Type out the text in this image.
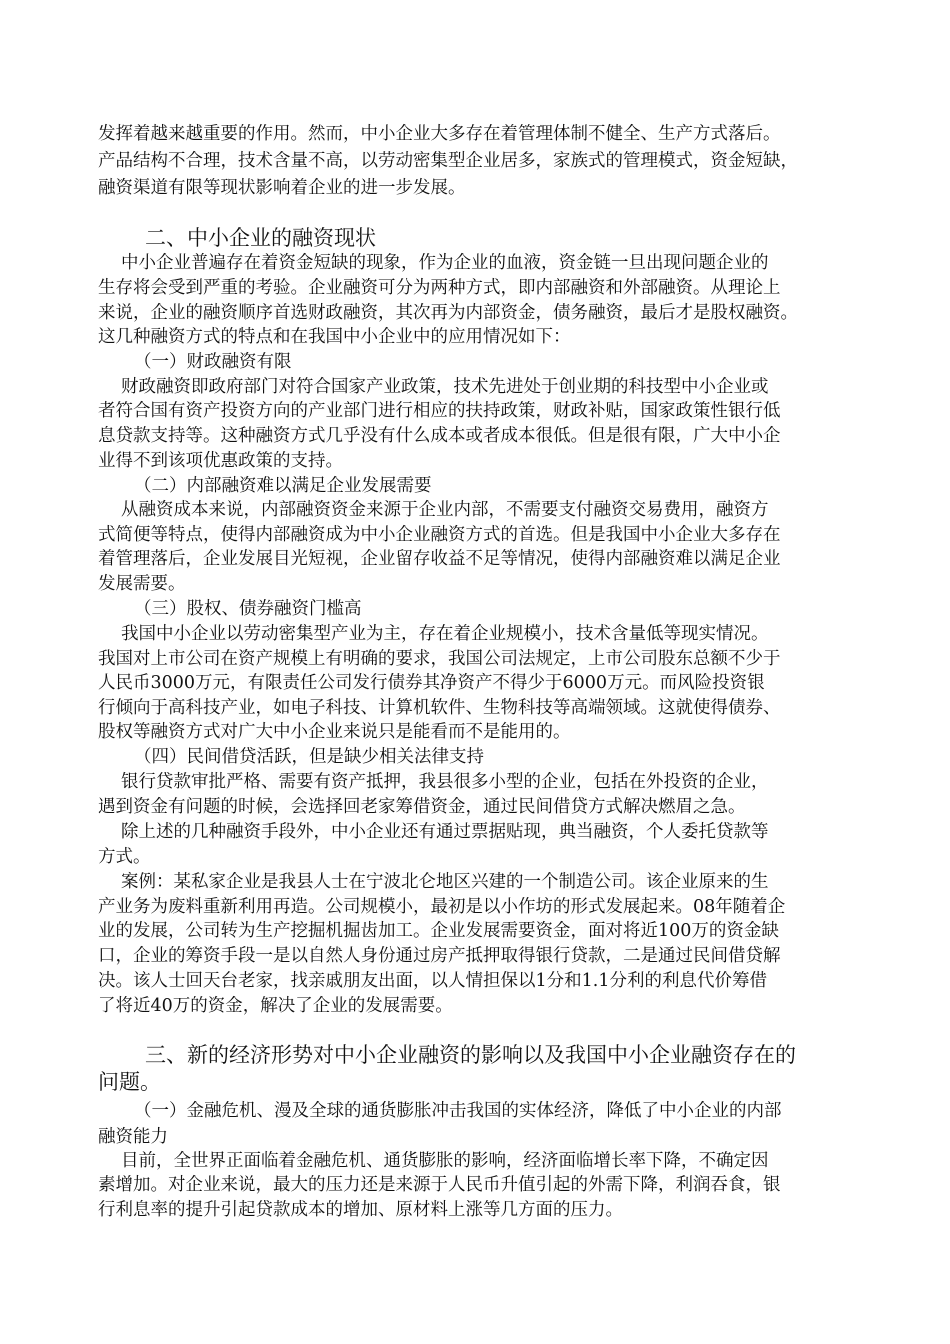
发挥着越来越重要的作用。然而，中小企业大多存在着管理体制不健全、生产方式落后。
产品结构不合理，技术含量不高，以劳动密集型企业居多，家族式的管理模式，资金短缺，
融资渠道有限等现状影响着企业的进一步发展。
二、中小企业的融资现状
中小企业普遍存在着资金短缺的现象，作为企业的血液，资金链一旦出现问题企业的
生存将会受到严重的考验。企业融资可分为两种方式，即内部融资和外部融资。从理论上
来说，企业的融资顺序首选财政融资，其次再为内部资金，债务融资，最后才是股权融资。
这几种融资方式的特点和在我国中小企业中的应用情况如下：
（一）财政融资有限
财政融资即政府部门对符合国家产业政策，技术先进处于创业期的科技型中小企业或
者符合国有资产投资方向的产业部门进行相应的扶持政策，财政补贴，国家政策性银行低
息贷款支持等。这种融资方式几乎没有什么成本或者成本很低。但是很有限，广大中小企
业得不到该项优惠政策的支持。
（二）内部融资难以满足企业发展需要
从融资成本来说，内部融资资金来源于企业内部，不需要支付融资交易费用，融资方
式简便等特点，使得内部融资成为中小企业融资方式的首选。但是我国中小企业大多存在
着管理落后，企业发展目光短视，企业留存收益不足等情况，使得内部融资难以满足企业
发展需要。
（三）股权、债券融资门槛高
我国中小企业以劳动密集型产业为主，存在着企业规模小，技术含量低等现实情况。
我国对上市公司在资产规模上有明确的要求，我国公司法规定，上市公司股东总额不少于
人民币3000万元，有限责任公司发行债券其净资产不得少于6000万元。而风险投资银
行倾向于高科技产业，如电子科技、计算机软件、生物科技等高端领域。这就使得债券、
股权等融资方式对广大中小企业来说只是能看而不是能用的。
（四）民间借贷活跃，但是缺少相关法律支持
银行贷款审批严格、需要有资产抵押，我县很多小型的企业，包括在外投资的企业，
遇到资金有问题的时候，会选择回老家筹借资金，通过民间借贷方式解决燃眉之急。
除上述的几种融资手段外，中小企业还有通过票据贴现，典当融资，个人委托贷款等
方式。
案例：某私家企业是我县人士在宁波北仑地区兴建的一个制造公司。该企业原来的生
产业务为废料重新利用再造。公司规模小，最初是以小作坊的形式发展起来。08年随着企
业的发展，公司转为生产挖掘机掘齿加工。企业发展需要资金，面对将近100万的资金缺
口，企业的筹资手段一是以自然人身份通过房产抵押取得银行贷款，二是通过民间借贷解
决。该人士回天台老家，找亲戚朋友出面，以人情担保以1分和1.1分利的利息代价筹借
了将近40万的资金，解决了企业的发展需要。
三、新的经济形势对中小企业融资的影响以及我国中小企业融资存在的
问题。
（一）金融危机、漫及全球的通货膨胀冲击我国的实体经济，降低了中小企业的内部
融资能力
目前，全世界正面临着金融危机、通货膨胀的影响，经济面临增长率下降，不确定因
素增加。对企业来说，最大的压力还是来源于人民币升值引起的外需下降，利润吞食，银
行利息率的提升引起贷款成本的增加、原材料上涨等几方面的压力。
